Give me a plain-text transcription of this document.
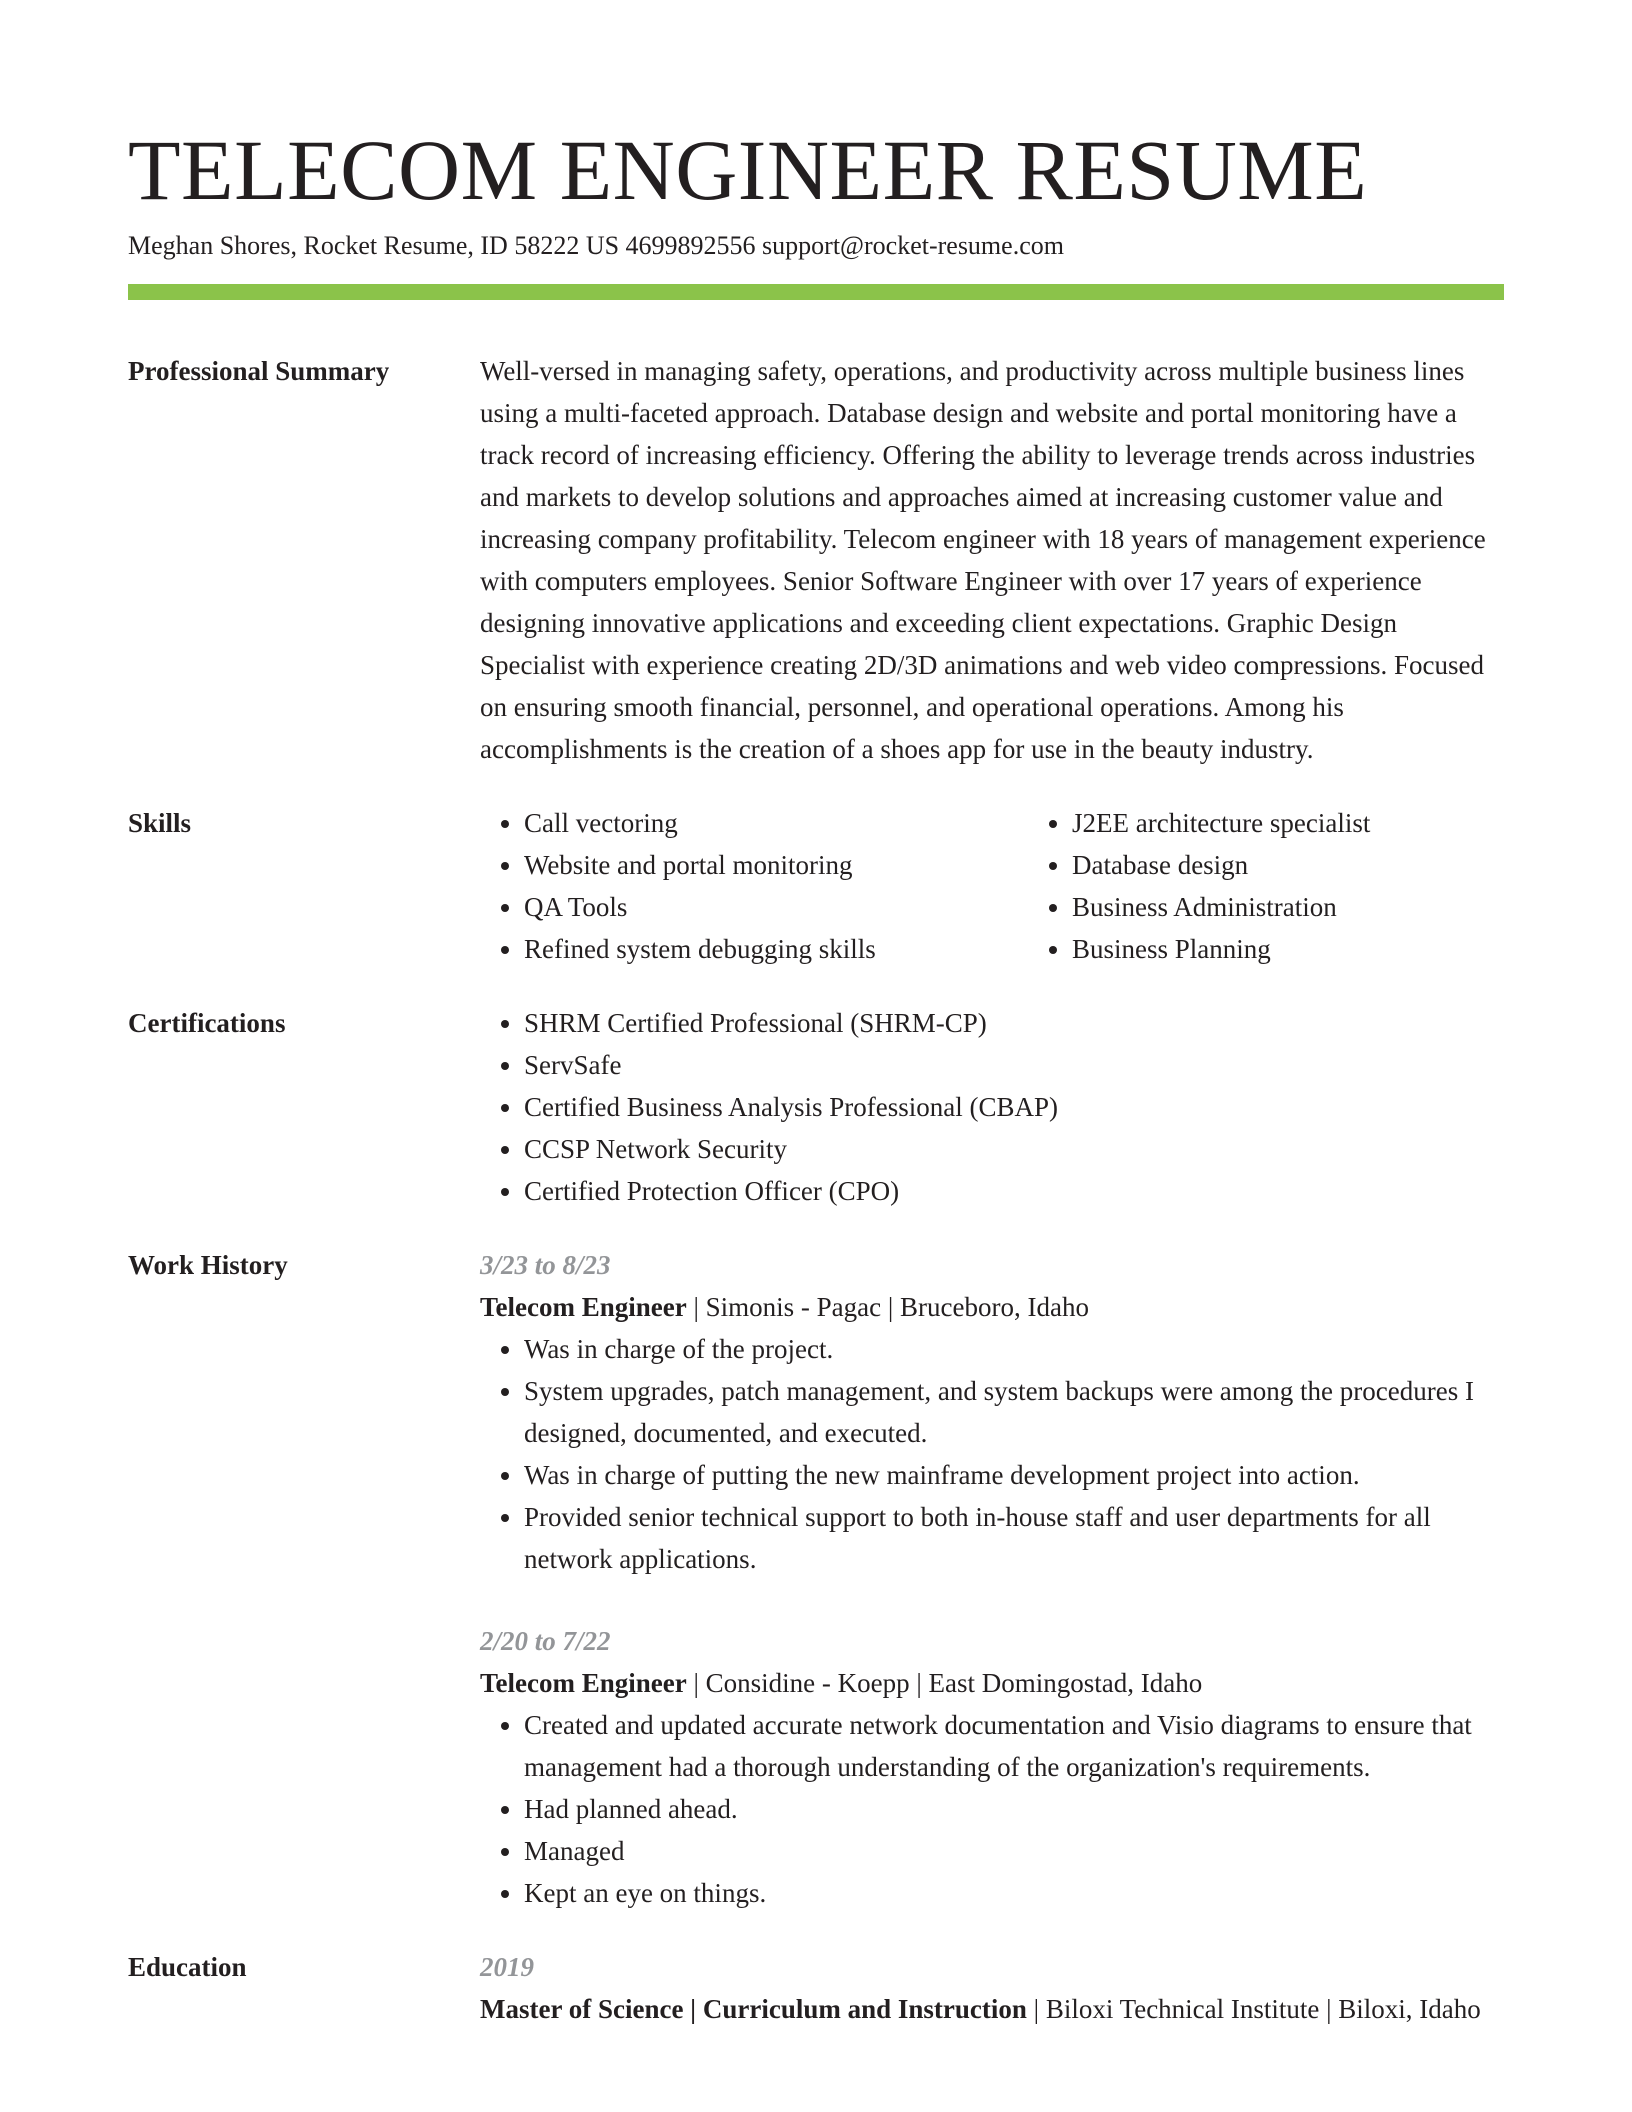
TELECOM ENGINEER RESUME
Meghan Shores, Rocket Resume, ID 58222 US 4699892556 support@rocket-resume.com
Professional Summary	Well-versed in managing safety, operations, and productivity across multiple business lines using a multi-faceted approach. Database design and website and portal monitoring have a track record of increasing efficiency. Offering the ability to leverage trends across industries and markets to develop solutions and approaches aimed at increasing customer value and increasing company profitability. Telecom engineer with 18 years of management experience with computers employees. Senior Software Engineer with over 17 years of experience designing innovative applications and exceeding client expectations. Graphic Design Specialist with experience creating 2D/3D animations and web video compressions. Focused on ensuring smooth financial, personnel, and operational operations. Among his accomplishments is the creation of a shoes app for use in the beauty industry.

Skills	• Call vectoring
• Website and portal monitoring
• QA Tools
• Refined system debugging skills
• J2EE architecture specialist
• Database design
• Business Administration
• Business Planning
Certifications	• SHRM Certified Professional (SHRM-CP)
• ServSafe
• Certified Business Analysis Professional (CBAP)
• CCSP Network Security
• Certified Protection Officer (CPO)
Work History	3/23 to 8/23
Telecom Engineer | Simonis - Pagac | Bruceboro, Idaho
• Was in charge of the project.
• System upgrades, patch management, and system backups were among the procedures I designed, documented, and executed.
• Was in charge of putting the new mainframe development project into action.
• Provided senior technical support to both in-house staff and user departments for all network applications.
2/20 to 7/22
Telecom Engineer | Considine - Koepp | East Domingostad, Idaho
• Created and updated accurate network documentation and Visio diagrams to ensure that management had a thorough understanding of the organization's requirements.
• Had planned ahead.
• Managed
• Kept an eye on things.
Education	2019
Master of Science | Curriculum and Instruction | Biloxi Technical Institute | Biloxi, Idaho
